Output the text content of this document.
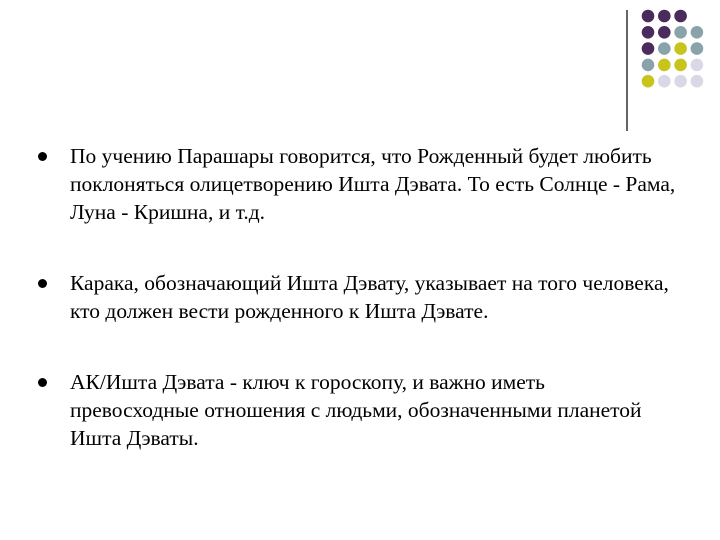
По учению Парашары говорится, что Рожденный будет любить поклоняться олицетворению Ишта Дэвата. То есть Солнце - Рама, Луна - Кришна, и т.д.
Карака, обозначающий Ишта Дэвату, указывает на того человека, кто должен вести рожденного к Ишта Дэвате.
АК/Ишта Дэвата - ключ к гороскопу, и важно иметь превосходные отношения с людьми, обозначенными планетой Ишта Дэваты.
